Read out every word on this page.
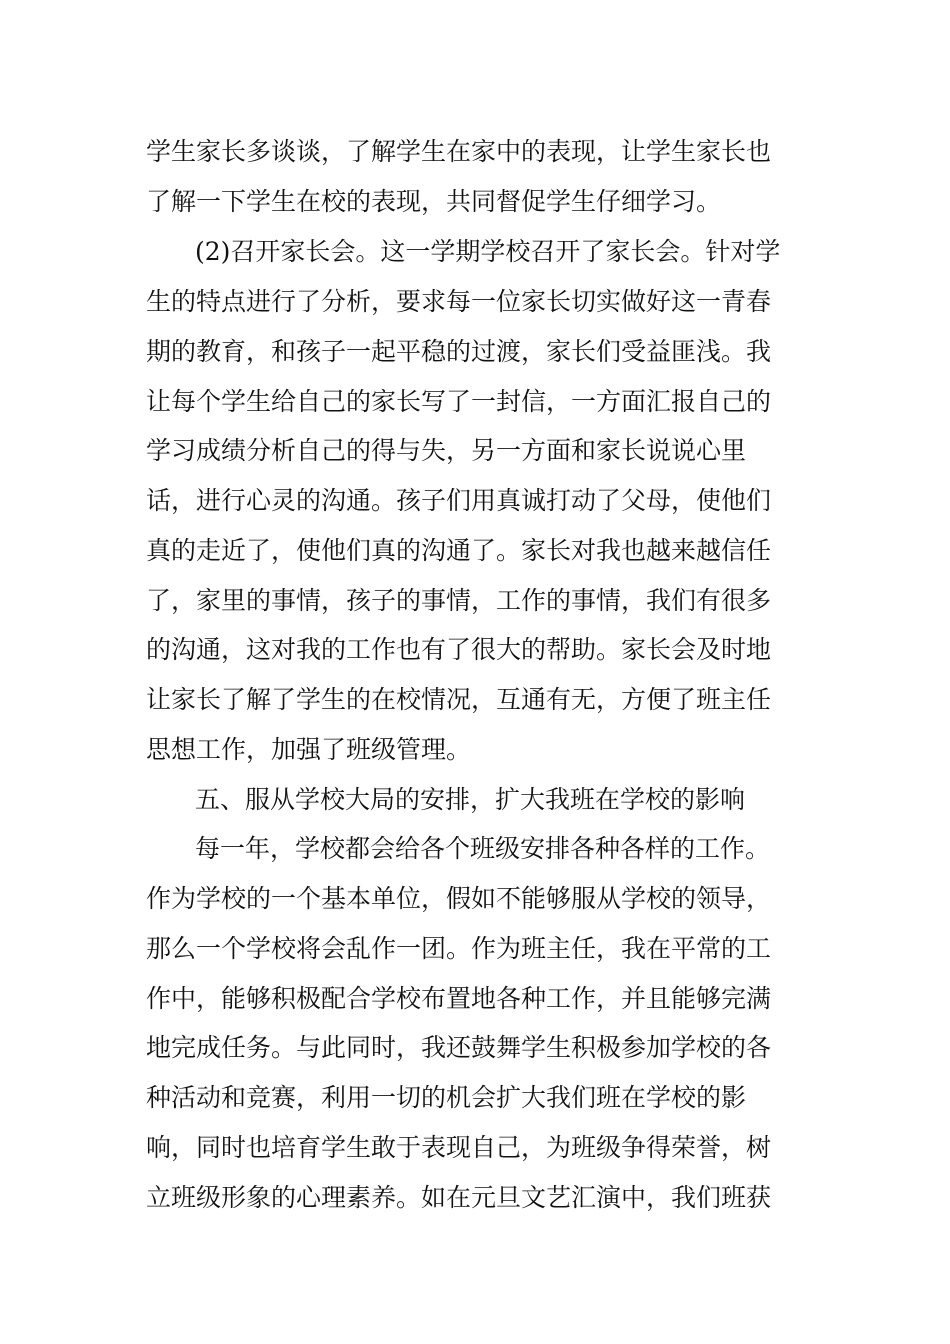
学生家长多谈谈，了解学生在家中的表现，让学生家长也

了解一下学生在校的表现，共同督促学生仔细学习。

(2)召开家长会。这一学期学校召开了家长会。针对学

生的特点进行了分析，要求每一位家长切实做好这一青春

期的教育，和孩子一起平稳的过渡，家长们受益匪浅。我

让每个学生给自己的家长写了一封信，一方面汇报自己的

学习成绩分析自己的得与失，另一方面和家长说说心里

话，进行心灵的沟通。孩子们用真诚打动了父母，使他们

真的走近了，使他们真的沟通了。家长对我也越来越信任

了，家里的事情，孩子的事情，工作的事情，我们有很多

的沟通，这对我的工作也有了很大的帮助。家长会及时地

让家长了解了学生的在校情况，互通有无，方便了班主任

思想工作，加强了班级管理。

五、服从学校大局的安排，扩大我班在学校的影响

每一年，学校都会给各个班级安排各种各样的工作。

作为学校的一个基本单位，假如不能够服从学校的领导，

那么一个学校将会乱作一团。作为班主任，我在平常的工

作中，能够积极配合学校布置地各种工作，并且能够完满

地完成任务。与此同时，我还鼓舞学生积极参加学校的各

种活动和竞赛，利用一切的机会扩大我们班在学校的影

响，同时也培育学生敢于表现自己，为班级争得荣誉，树

立班级形象的心理素养。如在元旦文艺汇演中，我们班获
